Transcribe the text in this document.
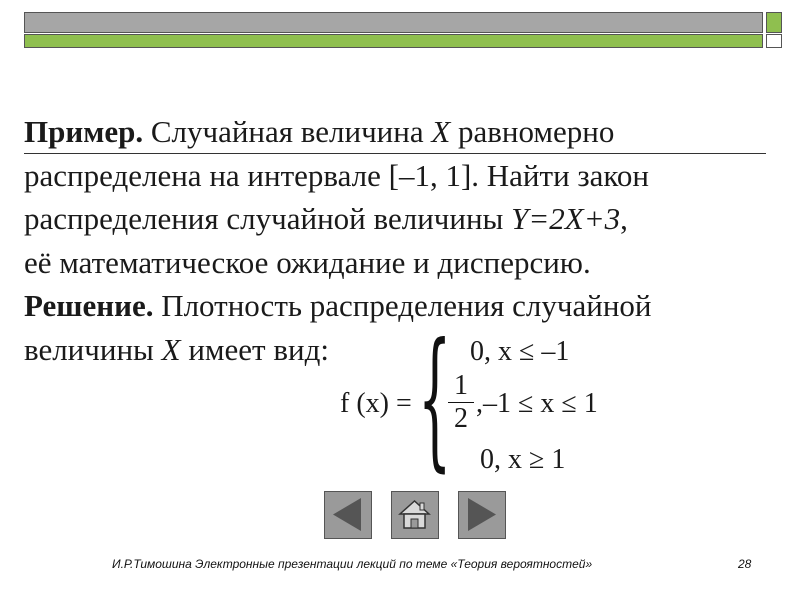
Пример. Случайная величина X равномерно
распределена на интервале [–1, 1]. Найти закон
распределения случайной величины Y=2X+3,
её математическое ожидание и дисперсию.
Решение. Плотность распределения случайной
величины X имеет вид:
f (x) = { 0, x ≤ –1
$\frac{1}{2} ,-1 \le x \le 1$
0, x ≥ 1
И.Р.Тимошина Электронные презентации лекций по теме «Теория вероятностей»	28
